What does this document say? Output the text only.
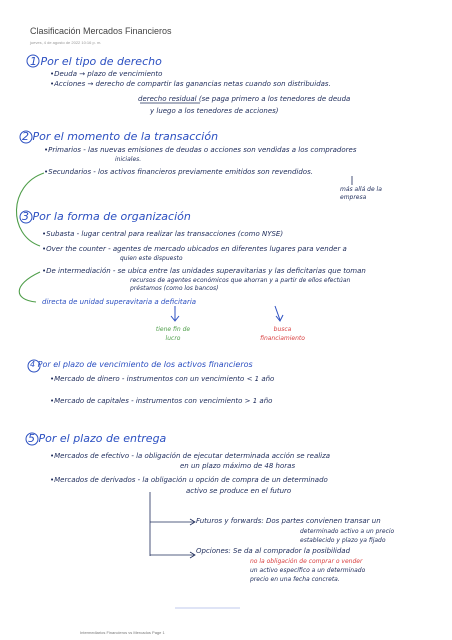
Clasificación Mercados Financieros
jueves, 4 de agosto de 2022 10:16 p. m.
1 Por el tipo de derecho
•Deuda → plazo de vencimiento
•Acciones → derecho de compartir las ganancias netas cuando son distribuidas.
derecho residual (se paga primero a los tenedores de deuda
y luego a los tenedores de acciones)
2 Por el momento de la transacción
•Primarios - las nuevas emisiones de deudas o acciones son vendidas a los compradores
iniciales.
•Secundarios - los activos financieros previamente emitidos son revendidos.
más allá de la empresa
3 Por la forma de organización
•Subasta - lugar central para realizar las transacciones (como NYSE)
•Over the counter - agentes de mercado ubicados en diferentes lugares para vender a
quien este dispuesto
•De intermediación - se ubica entre las unidades superavitarias y las deficitarias que toman
recursos de agentes económicos que ahorran y a partir de ellos efectúan
préstamos (como los bancos)
directa de unidad superavitaria a deficitaria
tiene fin de lucro
busca financiamiento
4 Por el plazo de vencimiento de los activos financieros
•Mercado de dinero - instrumentos con un vencimiento < 1 año
•Mercado de capitales - instrumentos con vencimiento > 1 año
5 Por el plazo de entrega
•Mercados de efectivo - la obligación de ejecutar determinada acción se realiza
en un plazo máximo de 48 horas
•Mercados de derivados - la obligación u opción de compra de un determinado
activo se produce en el futuro
Futuros y forwards: Dos partes convienen transar un
determinado activo a un precio
establecido y plazo ya fijado
Opciones: Se da al comprador la posibilidad
no la obligación de comprar o vender
un activo específico a un determinado
precio en una fecha concreta.
Intermediarios Financieros vs Mercados Page 1
